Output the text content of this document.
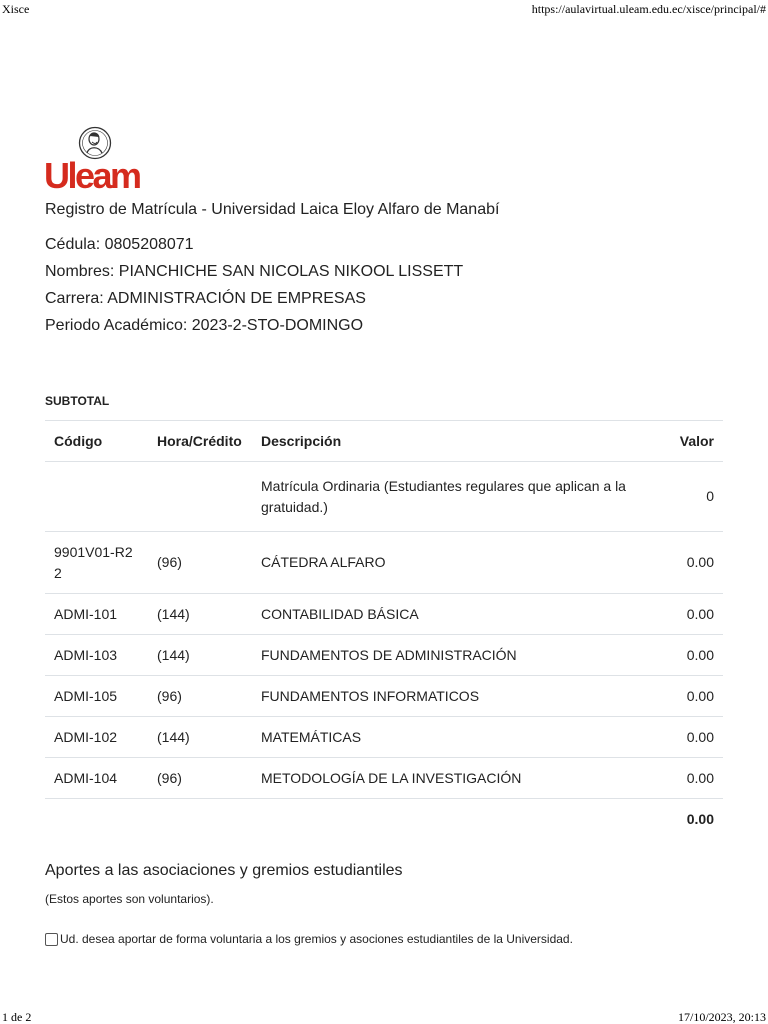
Xisce	https://aulavirtual.uleam.edu.ec/xisce/principal/#
Uleam
Registro de Matrícula - Universidad Laica Eloy Alfaro de Manabí
Cédula: 0805208071
Nombres: PIANCHICHE SAN NICOLAS NIKOOL LISSETT
Carrera: ADMINISTRACIÓN DE EMPRESAS
Periodo Académico: 2023-2-STO-DOMINGO
SUBTOTAL
Código	Hora/Crédito	Descripción	Valor
		Matrícula Ordinaria (Estudiantes regulares que aplican a la gratuidad.)	0
9901V01-R22	(96)	CÁTEDRA ALFARO	0.00
ADMI-101	(144)	CONTABILIDAD BÁSICA	0.00
ADMI-103	(144)	FUNDAMENTOS DE ADMINISTRACIÓN	0.00
ADMI-105	(96)	FUNDAMENTOS INFORMATICOS	0.00
ADMI-102	(144)	MATEMÁTICAS	0.00
ADMI-104	(96)	METODOLOGÍA DE LA INVESTIGACIÓN	0.00
			0.00
Aportes a las asociaciones y gremios estudiantiles
(Estos aportes son voluntarios).
Ud. desea aportar de forma voluntaria a los gremios y asociones estudiantiles de la Universidad.
1 de 2	17/10/2023, 20:13
